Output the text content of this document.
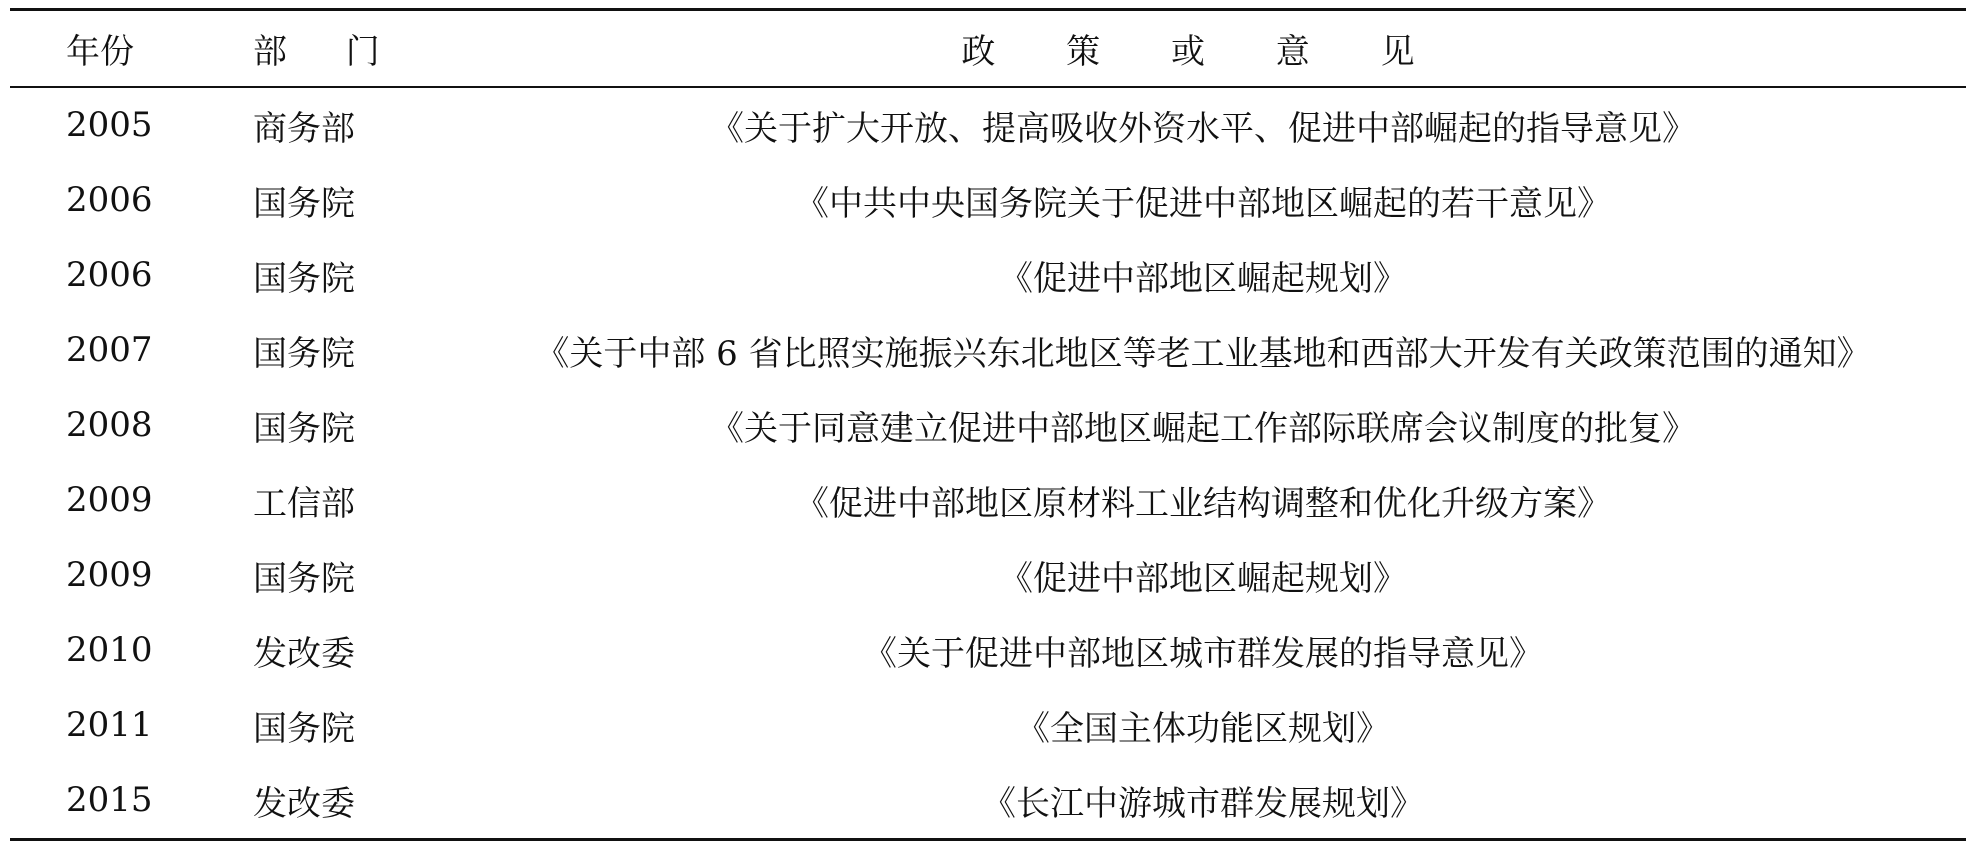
年份	部 门	政 策 或 意 见
2005	商务部	《关于扩大开放、提高吸收外资水平、促进中部崛起的指导意见》
2006	国务院	《中共中央国务院关于促进中部地区崛起的若干意见》
2006	国务院	《促进中部地区崛起规划》
2007	国务院	《关于中部 6 省比照实施振兴东北地区等老工业基地和西部大开发有关政策范围的通知》
2008	国务院	《关于同意建立促进中部地区崛起工作部际联席会议制度的批复》
2009	工信部	《促进中部地区原材料工业结构调整和优化升级方案》
2009	国务院	《促进中部地区崛起规划》
2010	发改委	《关于促进中部地区城市群发展的指导意见》
2011	国务院	《全国主体功能区规划》
2015	发改委	《长江中游城市群发展规划》
